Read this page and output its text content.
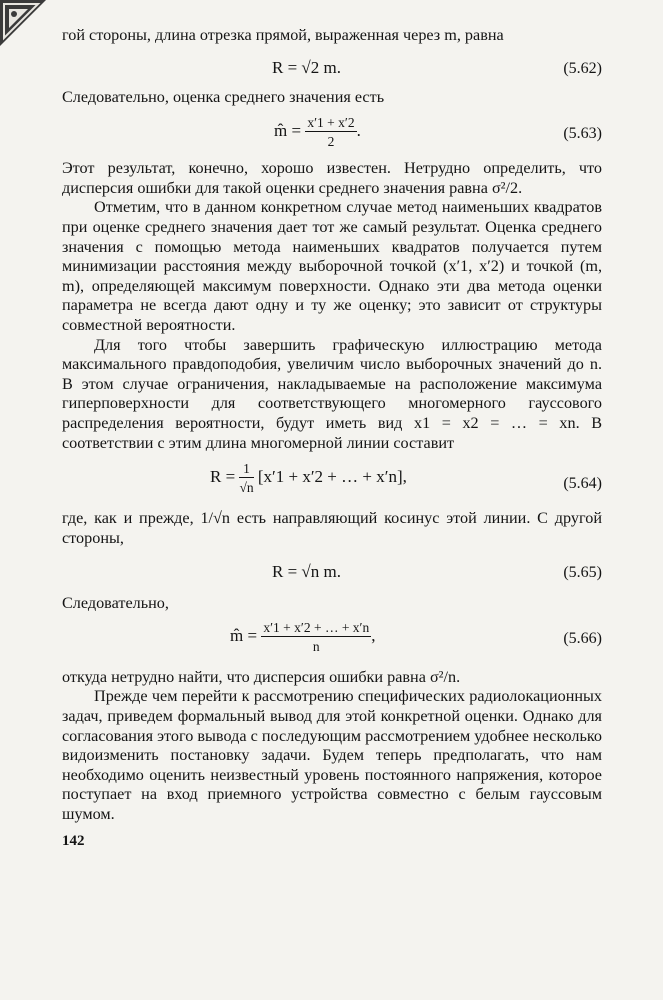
гой стороны, длина отрезка прямой, выраженная через m, равна

R = √2 m.	(5.62)

Следовательно, оценка среднего значения есть

m̂ = $\frac{x'1 + x'2}{2}$ .	(5.63)

Этот результат, конечно, хорошо известен. Нетрудно определить, что дисперсия ошибки для такой оценки среднего значения равна σ²/2.

Отметим, что в данном конкретном случае метод наименьших квадратов при оценке среднего значения дает тот же самый результат. Оценка среднего значения с помощью метода наименьших квадратов получается путем минимизации расстояния между выборочной точкой (x′1, x′2) и точкой (m, m), определяющей максимум поверхности. Однако эти два метода оценки параметра не всегда дают одну и ту же оценку; это зависит от структуры совместной вероятности.

Для того чтобы завершить графическую иллюстрацию метода максимального правдоподобия, увеличим число выборочных значений до n. В этом случае ограничения, накладываемые на расположение максимума гиперповерхности для соответствующего многомерного гауссового распределения вероятности, будут иметь вид x1 = x2 = … = xn. В соответствии с этим длина многомерной линии составит

$R = \frac{1}{√n} [x'1 + x'2$ + … + x′n],	(5.64)

где, как и прежде, 1/√n есть направляющий косинус этой линии. С другой стороны,

R = √n m.	(5.65)

Следовательно,

m̂ = $\frac{x'1 + x'2 + \dots + x'n}{n}$ ,	(5.66)

откуда нетрудно найти, что дисперсия ошибки равна σ²/n.

Прежде чем перейти к рассмотрению специфических радиолокационных задач, приведем формальный вывод для этой конкретной оценки. Однако для согласования этого вывода с последующим рассмотрением удобнее несколько видоизменить постановку задачи. Будем теперь предполагать, что нам необходимо оценить неизвестный уровень постоянного напряжения, которое поступает на вход приемного устройства совместно с белым гауссовым шумом.

142
